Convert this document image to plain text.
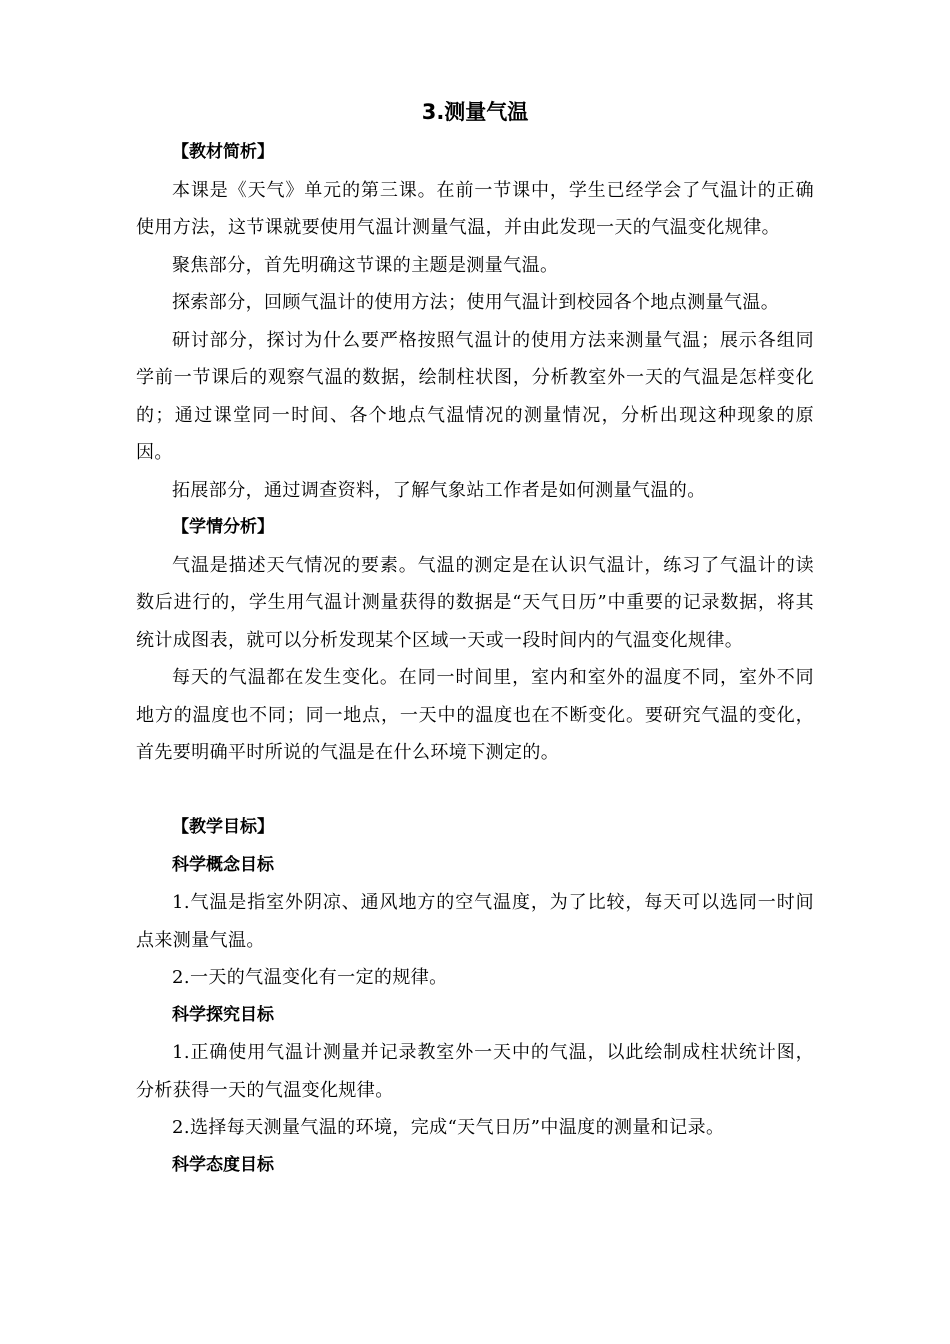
3.测量气温

【教材简析】

本课是《天气》单元的第三课。在前一节课中，学生已经学会了气温计的正确使用方法，这节课就要使用气温计测量气温，并由此发现一天的气温变化规律。

聚焦部分，首先明确这节课的主题是测量气温。

探索部分，回顾气温计的使用方法；使用气温计到校园各个地点测量气温。

研讨部分，探讨为什么要严格按照气温计的使用方法来测量气温；展示各组同学前一节课后的观察气温的数据，绘制柱状图，分析教室外一天的气温是怎样变化的；通过课堂同一时间、各个地点气温情况的测量情况，分析出现这种现象的原因。

拓展部分，通过调查资料，了解气象站工作者是如何测量气温的。

【学情分析】

气温是描述天气情况的要素。气温的测定是在认识气温计，练习了气温计的读数后进行的，学生用气温计测量获得的数据是“天气日历”中重要的记录数据，将其统计成图表，就可以分析发现某个区域一天或一段时间内的气温变化规律。

每天的气温都在发生变化。在同一时间里，室内和室外的温度不同，室外不同地方的温度也不同；同一地点，一天中的温度也在不断变化。要研究气温的变化，首先要明确平时所说的气温是在什么环境下测定的。

【教学目标】

科学概念目标

1.气温是指室外阴凉、通风地方的空气温度，为了比较，每天可以选同一时间点来测量气温。

2.一天的气温变化有一定的规律。

科学探究目标

1.正确使用气温计测量并记录教室外一天中的气温，以此绘制成柱状统计图，分析获得一天的气温变化规律。

2.选择每天测量气温的环境，完成“天气日历”中温度的测量和记录。

科学态度目标
